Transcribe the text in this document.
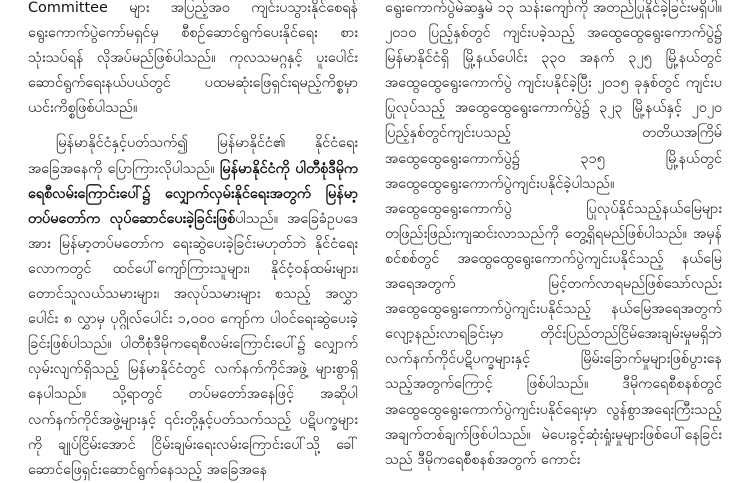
Committee များ အပြည့်အဝ ကျင်းပသွားနိုင်စေရန် ရွေးကောက်ပွဲကော်မရှင်မှ စီစဉ်ဆောင်ရွက်ပေးနိုင်ရေး စားသုံးသပ်ရန် လိုအပ်မည်ဖြစ်ပါသည်။ ကုလသမဂ္ဂနှင့် ပူးပေါင်းဆောင်ရွက်ရေးနယ်ပယ်တွင် ပထမဆုံးဖြေရှင်းရမည့်ကိစ္စမှာ ယင်းကိစ္စဖြစ်ပါသည်။

မြန်မာနိုင်ငံနှင့်ပတ်သက်၍ မြန်မာနိုင်ငံ၏ နိုင်ငံရေးအခြေအနေကို ပြောကြားလိုပါသည်။ မြန်မာနိုင်ငံကို ပါတီစုံဒီမိုကရေစီလမ်းကြောင်းပေါ်၌ လျှောက်လှမ်းနိုင်ရေးအတွက် မြန်မာ့တပ်မတော်က လုပ်ဆောင်ပေးခဲ့ခြင်းဖြစ်ပါသည်။ အခြေခံဥပဒေအား မြန်မာ့တပ်မတော်က ရေးဆွဲပေးခဲ့ခြင်းမဟုတ်ဘဲ နိုင်ငံရေးလောကတွင် ထင်ပေါ်ကျော်ကြားသူများ၊ နိုင်ငံ့ဝန်ထမ်းများ၊ တောင်သူလယ်သမားများ၊ အလုပ်သမားများ စသည့် အလွှာပေါင်း ၈ လွှာမှ ပုဂ္ဂိုလ်ပေါင်း ၁,၀၀၀ ကျော်က ပါဝင်ရေးဆွဲပေးခဲ့ခြင်းဖြစ်ပါသည်။ ပါတီစုံဒီမိုကရေစီလမ်းကြောင်းပေါ်၌ လျှောက်လှမ်းလျက်ရှိသည့် မြန်မာနိုင်ငံတွင် လက်နက်ကိုင်အဖွဲ့ များစွာရှိနေပါသည်။ သို့ရာတွင် တပ်မတော်အနေဖြင့် အဆိုပါလက်နက်ကိုင်အဖွဲ့များနှင့် ၎င်းတို့နှင့်ပတ်သက်သည့် ပဋိပက္ခများကို ချုပ်ငြိမ်းအောင် ငြိမ်းချမ်းရေးလမ်းကြောင်းပေါ်သို့ ခေါ်ဆောင်ဖြေရှင်းဆောင်ရွက်နေသည့် အခြေအနေ

ရွေးကောက်ပွဲမဲဆန္ဒမဲ ၁၃ သန်းကျော်ကို အတည်ပြုနိုင်ခဲ့ခြင်းမရှိပါ။ ၂၀၁၀ ပြည့်နှစ်တွင် ကျင်းပခဲ့သည့် အထွေထွေရွေးကောက်ပွဲ၌ မြန်မာနိုင်ငံရှိ မြို့နယ်ပေါင်း ၃၃၀ အနက် ၃၂၅ မြို့နယ်တွင် အထွေထွေရွေးကောက်ပွဲ ကျင်းပနိုင်ခဲ့ပြီး ၂၀၁၅ ခုနှစ်တွင် ကျင်းပပြုလုပ်သည့် အထွေထွေရွေးကောက်ပွဲ၌ ၃၂၃ မြို့နယ်နှင့် ၂၀၂၀ ပြည့်နှစ်တွင်ကျင်းပသည့် တတိယအကြိမ် အထွေထွေရွေးကောက်ပွဲ၌ ၃၁၅ မြို့နယ်တွင် အထွေထွေရွေးကောက်ပွဲကျင်းပနိုင်ခဲ့ပါသည်။ အထွေထွေရွေးကောက်ပွဲ ပြုလုပ်နိုင်သည့်နယ်မြေများ တဖြည်းဖြည်းကျဆင်းလာသည်ကို တွေ့ရှိရမည်ဖြစ်ပါသည်။ အမှန်စင်စစ်တွင် အထွေထွေရွေးကောက်ပွဲကျင်းပနိုင်သည့် နယ်မြေအရေအတွက် မြင့်တက်လာရမည်ဖြစ်သော်လည်း အထွေထွေရွေးကောက်ပွဲကျင်းပနိုင်သည့် နယ်မြေအရေအတွက် လျော့နည်းလာရခြင်းမှာ တိုင်းပြည်တည်ငြိမ်အေးချမ်းမှုမရှိဘဲ လက်နက်ကိုင်ပဋိပက္ခများနှင့် မြိမ်းခြောက်မှုများဖြစ်ပွားနေသည့်အတွက်ကြောင့် ဖြစ်ပါသည်။ ဒီမိုကရေစီစနစ်တွင် အထွေထွေရွေးကောက်ပွဲကျင်းပနိုင်ရေးမှာ လွန်စွာအရေးကြီးသည့် အချက်တစ်ချက်ဖြစ်ပါသည်။ မဲပေးခွင့်ဆုံးရှုံးမှုများဖြစ်ပေါ်နေခြင်းသည် ဒီမိုကရေစီစနစ်အတွက် ကောင်း
